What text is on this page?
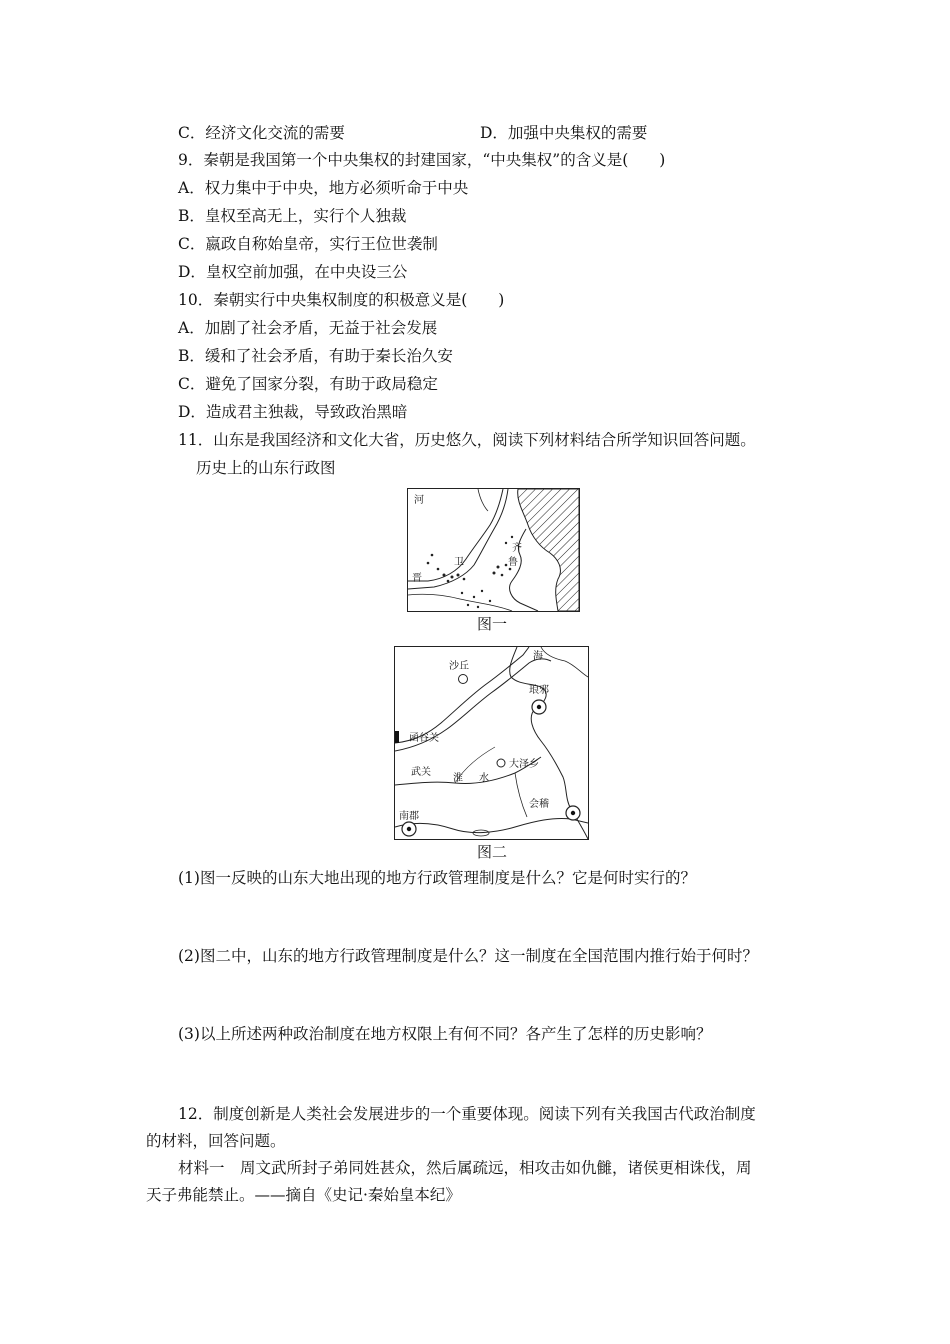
C．经济文化交流的需要	D．加强中央集权的需要
9．秦朝是我国第一个中央集权的封建国家，“中央集权”的含义是(　　)
A．权力集中于中央，地方必须听命于中央
B．皇权至高无上，实行个人独裁
C．嬴政自称始皇帝，实行王位世袭制
D．皇权空前加强，在中央设三公
10．秦朝实行中央集权制度的积极意义是(　　)
A．加剧了社会矛盾，无益于社会发展
B．缓和了社会矛盾，有助于秦长治久安
C．避免了国家分裂，有助于政局稳定
D．造成君主独裁，导致政治黑暗
11．山东是我国经济和文化大省，历史悠久，阅读下列材料结合所学知识回答问题。
历史上的山东行政图
河
卫
齐
鲁
晋
图一
海
沙丘
琅邪
函谷关
大泽乡
武关
淮 水
会稽
南郡
图二
(1)图一反映的山东大地出现的地方行政管理制度是什么？它是何时实行的？
(2)图二中，山东的地方行政管理制度是什么？这一制度在全国范围内推行始于何时？
(3)以上所述两种政治制度在地方权限上有何不同？各产生了怎样的历史影响？
12．制度创新是人类社会发展进步的一个重要体现。阅读下列有关我国古代政治制度
的材料，回答问题。
材料一　周文武所封子弟同姓甚众，然后属疏远，相攻击如仇雠，诸侯更相诛伐，周
天子弗能禁止。——摘自《史记·秦始皇本纪》
